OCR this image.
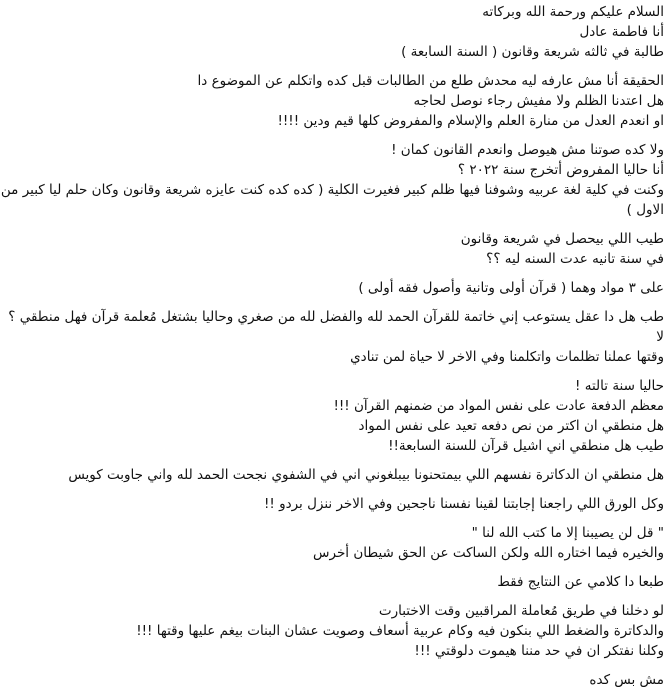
السلام عليكم ورحمة الله وبركاته
أنا فاطمة عادل
طالبة في ثالثه شريعة وقانون ( السنة السابعة )
الحقيقة أنا مش عارفه ليه محدش طلع من الطالبات قبل كده واتكلم عن الموضوع دا
هل اعتدنا الظلم ولا مفيش رجاء نوصل لحاجه
او انعدم العدل من منارة العلم والإسلام والمفروض كلها قيم ودين !!!!
ولا كده صوتنا مش هيوصل وانعدم القانون كمان !
أنا حاليا المفروض أتخرج سنة ٢٠٢٢ ؟
وكنت في كلية لغة عربيه وشوفنا فيها ظلم كبير فغيرت الكلية ( كده كده كنت عايزه شريعة وقانون وكان حلم ليا كبير من الاول )
طيب اللي بيحصل في شريعة وقانون
في سنة تانيه عدت السنه ليه ؟؟
على ٣ مواد وهما ( قرآن أولى وتانية وأصول فقه أولى )
طب هل دا عقل يستوعب إني خاتمة للقرآن الحمد لله والفضل لله من صغري وحاليا بشتغل مُعلمة قرآن فهل منطقي ؟ لا
وقتها عملنا تظلمات واتكلمنا وفي الاخر لا حياة لمن تنادي
حاليا سنة تالته !
معظم الدفعة عادت على نفس المواد من ضمنهم القرآن !!!
هل منطقي ان اكتر من نص دفعه تعيد على نفس المواد
طيب هل منطقي اني اشيل قرآن للسنة السابعة!!
هل منطقي ان الدكاترة نفسهم اللي بيمتحنونا بيبلغوني اني في الشفوي نجحت الحمد لله واني جاوبت كويس
وكل الورق اللي راجعنا إجابتنا لقينا نفسنا ناجحين وفي الاخر ننزل بردو !!
" قل لن يصيبنا إلا ما كتب الله لنا "
والخيره فيما اختاره الله ولكن الساكت عن الحق شيطان أخرس
طبعا دا كلامي عن النتايج فقط
لو دخلنا في طريق مُعاملة المراقبين وقت الاختبارت
والدكاترة والضغط اللي بنكون فيه وكام عربية أسعاف وصويت عشان البنات بيغم عليها وقتها !!!
وكلنا نفتكر ان في حد مننا هيموت دلوقتي !!!
مش بس كده
